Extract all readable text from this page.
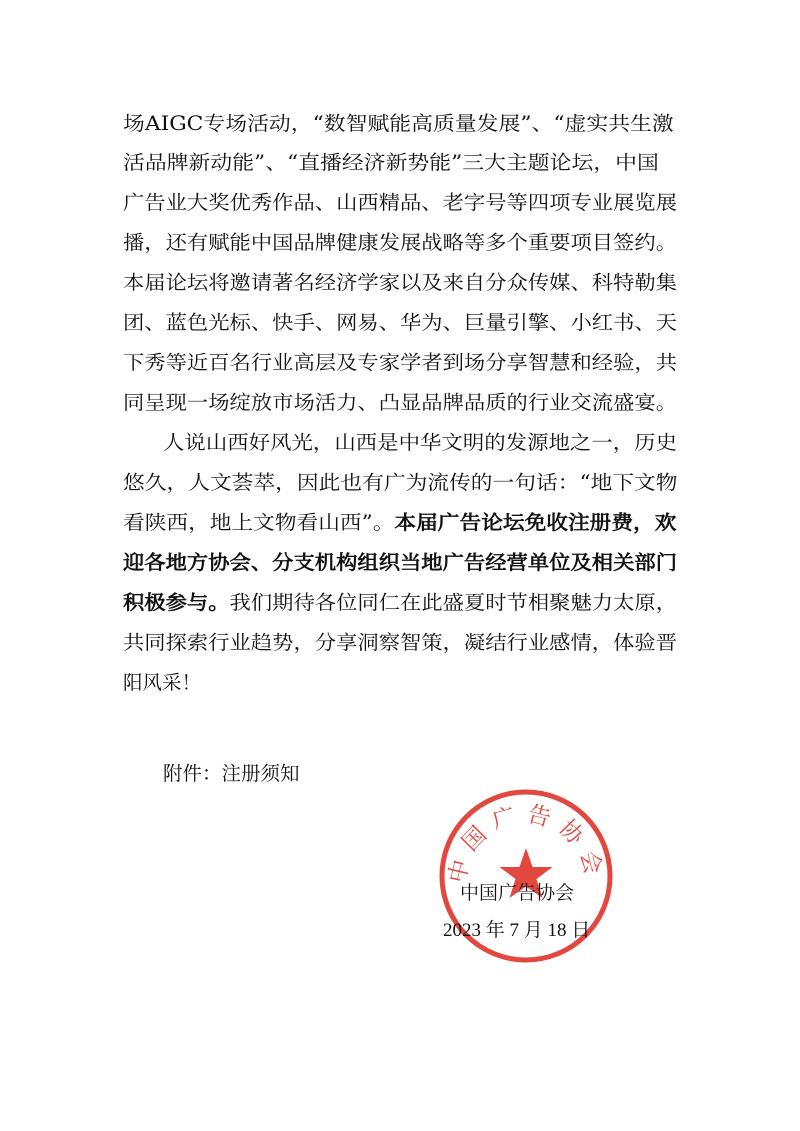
场AIGC专场活动，“数智赋能高质量发展”、“虚实共生激
活品牌新动能”、“直播经济新势能”三大主题论坛，中国
广告业大奖优秀作品、山西精品、老字号等四项专业展览展
播，还有赋能中国品牌健康发展战略等多个重要项目签约。
本届论坛将邀请著名经济学家以及来自分众传媒、科特勒集
团、蓝色光标、快手、网易、华为、巨量引擎、小红书、天
下秀等近百名行业高层及专家学者到场分享智慧和经验，共
同呈现一场绽放市场活力、凸显品牌品质的行业交流盛宴。
人说山西好风光，山西是中华文明的发源地之一，历史
悠久，人文荟萃，因此也有广为流传的一句话：“地下文物
看陕西，地上文物看山西”。本届广告论坛免收注册费，欢
迎各地方协会、分支机构组织当地广告经营单位及相关部门
积极参与。我们期待各位同仁在此盛夏时节相聚魅力太原，
共同探索行业趋势，分享洞察智策，凝结行业感情，体验晋
阳风采！
附件：注册须知
中国广告协会
中国广告协会
2023 年 7 月 18 日
